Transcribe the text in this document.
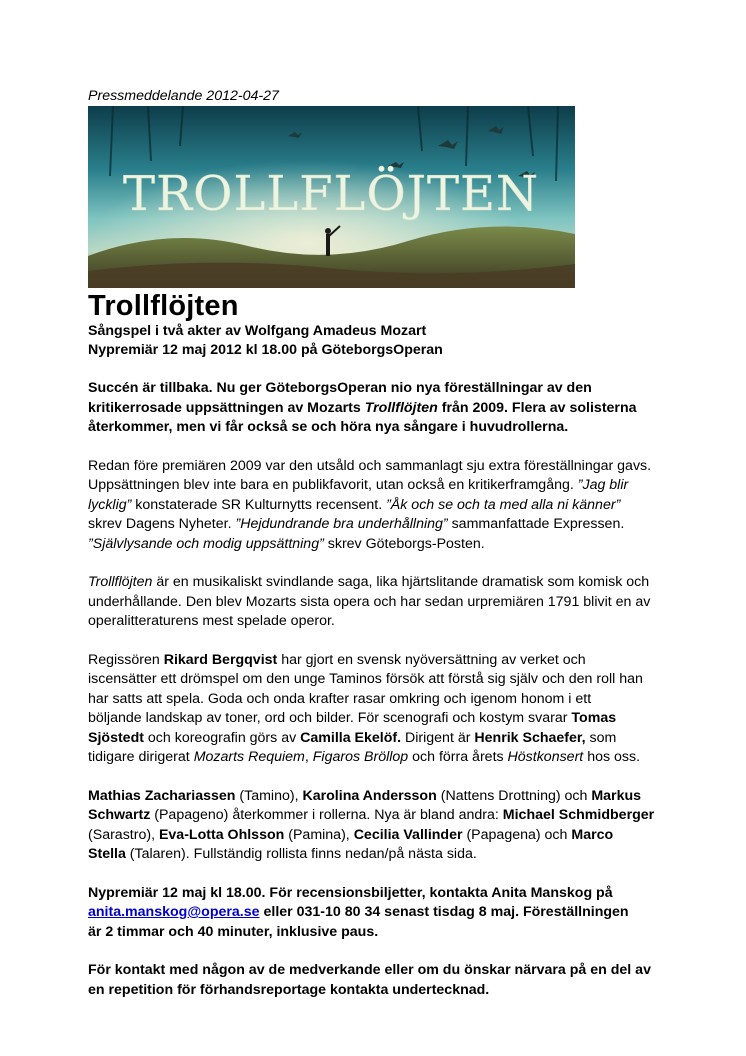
Pressmeddelande 2012-04-27

TROLLFLÖJTEN
Trollflöjten

Sångspel i två akter av Wolfgang Amadeus Mozart

Nypremiär 12 maj 2012 kl 18.00 på GöteborgsOperan

Succén är tillbaka. Nu ger GöteborgsOperan nio nya föreställningar av den
kritikerrosade uppsättningen av Mozarts Trollflöjten från 2009. Flera av solisterna
återkommer, men vi får också se och höra nya sångare i huvudrollerna.

Redan före premiären 2009 var den utsåld och sammanlagt sju extra föreställningar gavs.
Uppsättningen blev inte bara en publikfavorit, utan också en kritikerframgång. ”Jag blir
lycklig” konstaterade SR Kulturnytts recensent. ”Åk och se och ta med alla ni känner”
skrev Dagens Nyheter. ”Hejdundrande bra underhållning” sammanfattade Expressen.
”Självlysande och modig uppsättning” skrev Göteborgs-Posten.

Trollflöjten är en musikaliskt svindlande saga, lika hjärtslitande dramatisk som komisk och
underhållande. Den blev Mozarts sista opera och har sedan urpremiären 1791 blivit en av
operalitteraturens mest spelade operor.

Regissören Rikard Bergqvist har gjort en svensk nyöversättning av verket och
iscensätter ett drömspel om den unge Taminos försök att förstå sig själv och den roll han
har satts att spela. Goda och onda krafter rasar omkring och igenom honom i ett
böljande landskap av toner, ord och bilder. För scenografi och kostym svarar Tomas
Sjöstedt och koreografin görs av Camilla Ekelöf. Dirigent är Henrik Schaefer, som
tidigare dirigerat Mozarts Requiem, Figaros Bröllop och förra årets Höstkonsert hos oss.

Mathias Zachariassen (Tamino), Karolina Andersson (Nattens Drottning) och Markus
Schwartz (Papageno) återkommer i rollerna. Nya är bland andra: Michael Schmidberger
(Sarastro), Eva-Lotta Ohlsson (Pamina), Cecilia Vallinder (Papagena) och Marco
Stella (Talaren). Fullständig rollista finns nedan/på nästa sida.

Nypremiär 12 maj kl 18.00. För recensionsbiljetter, kontakta Anita Manskog på
anita.manskog@opera.se eller 031-10 80 34 senast tisdag 8 maj. Föreställningen
är 2 timmar och 40 minuter, inklusive paus.

För kontakt med någon av de medverkande eller om du önskar närvara på en del av
en repetition för förhandsreportage kontakta undertecknad.
